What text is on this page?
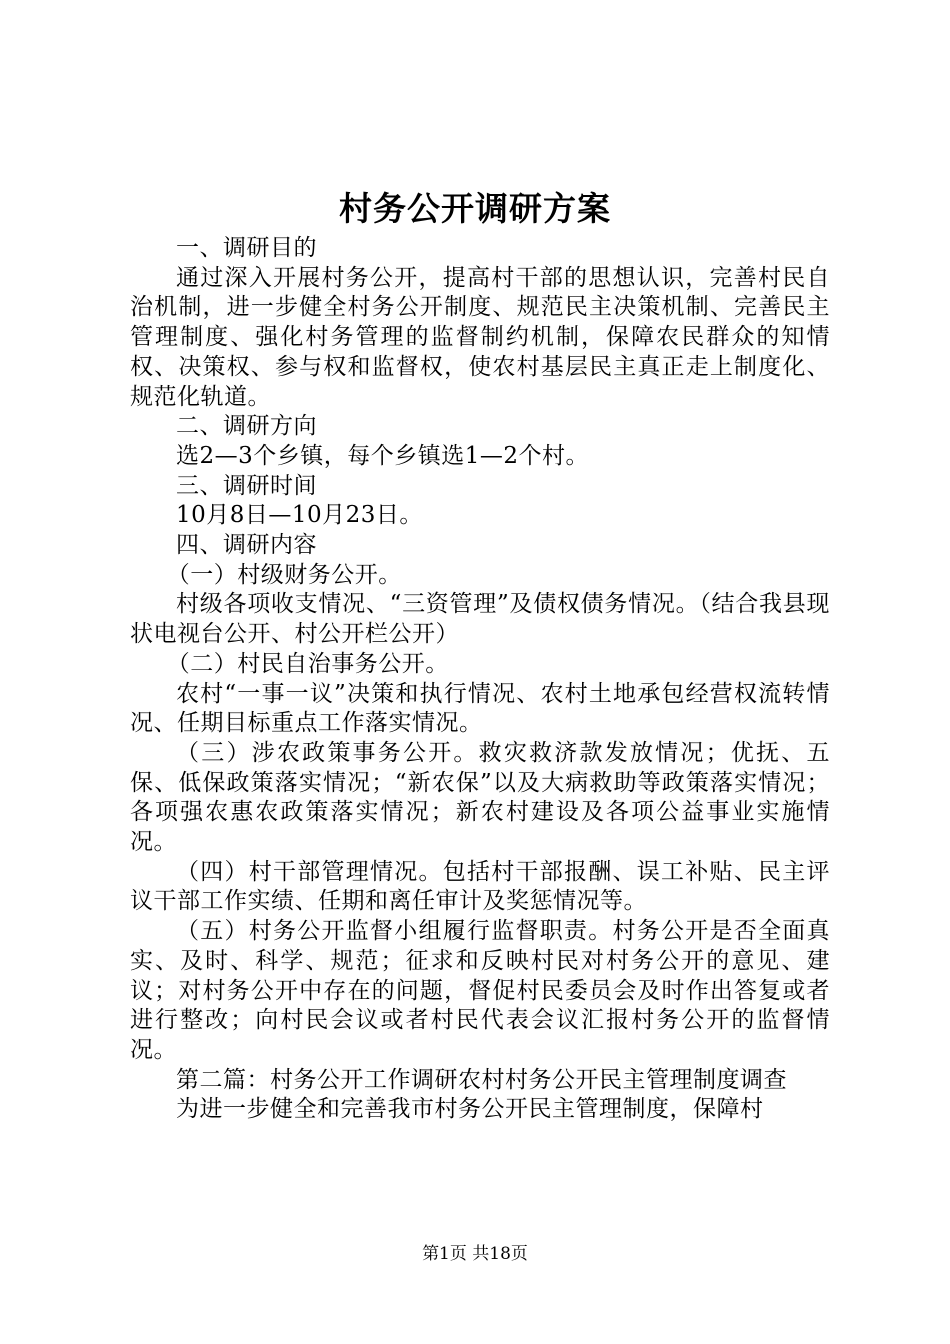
村务公开调研方案

一、调研目的

通过深入开展村务公开，提高村干部的思想认识，完善村民自治机制，进一步健全村务公开制度、规范民主决策机制、完善民主管理制度、强化村务管理的监督制约机制，保障农民群众的知情权、决策权、参与权和监督权，使农村基层民主真正走上制度化、规范化轨道。

二、调研方向

选2—3个乡镇，每个乡镇选1—2个村。

三、调研时间

10月8日—10月23日。

四、调研内容

（一）村级财务公开。

村级各项收支情况、“三资管理”及债权债务情况。（结合我县现状电视台公开、村公开栏公开）

（二）村民自治事务公开。

农村“一事一议”决策和执行情况、农村土地承包经营权流转情况、任期目标重点工作落实情况。

（三）涉农政策事务公开。救灾救济款发放情况；优抚、五保、低保政策落实情况；“新农保”以及大病救助等政策落实情况；各项强农惠农政策落实情况；新农村建设及各项公益事业实施情况。

（四）村干部管理情况。包括村干部报酬、误工补贴、民主评议干部工作实绩、任期和离任审计及奖惩情况等。

（五）村务公开监督小组履行监督职责。村务公开是否全面真实、及时、科学、规范；征求和反映村民对村务公开的意见、建议；对村务公开中存在的问题，督促村民委员会及时作出答复或者进行整改；向村民会议或者村民代表会议汇报村务公开的监督情况。

第二篇：村务公开工作调研农村村务公开民主管理制度调查

为进一步健全和完善我市村务公开民主管理制度，保障村

第1页 共18页
